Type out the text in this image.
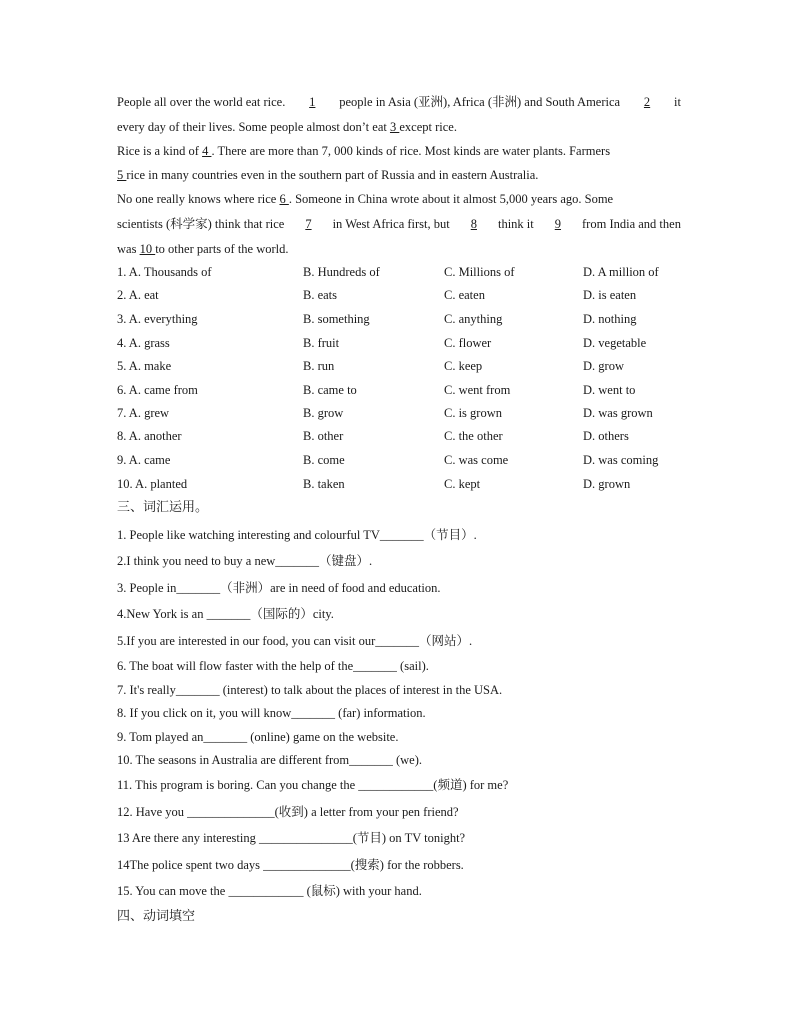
People all over the world eat rice. 1 people in Asia (亚洲), Africa (非洲) and South America 2 it
every day of their lives. Some people almost don’t eat 3 except rice.
Rice is a kind of 4 . There are more than 7, 000 kinds of rice. Most kinds are water plants. Farmers
5 rice in many countries even in the southern part of Russia and in eastern Australia.
No one really knows where rice 6 . Someone in China wrote about it almost 5,000 years ago. Some
scientists (科学家) think that rice 7 in West Africa first, but 8 think it 9 from India and then
was 10 to other parts of the world.
1. A. Thousands of	B. Hundreds of	C. Millions of	D. A million of
2. A. eat	B. eats	C. eaten	D. is eaten
3. A. everything	B. something	C. anything	D. nothing
4. A. grass	B. fruit	C. flower	D. vegetable
5. A. make	B. run	C. keep	D. grow
6. A. came from	B. came to	C. went from	D. went to
7. A. grew	B. grow	C. is grown	D. was grown
8. A. another	B. other	C. the other	D. others
9. A. came	B. come	C. was come	D. was coming
10. A. planted	B. taken	C. kept	D. grown
三、词汇运用。
1. People like watching interesting and colourful TV_______（节目）.
2.I think you need to buy a new_______（键盘）.
3. People in_______（非洲）are in need of food and education.
4.New York is an _______（国际的）city.
5.If you are interested in our food, you can visit our_______（网站）.
6. The boat will flow faster with the help of the_______ (sail).
7. It's really_______ (interest) to talk about the places of interest in the USA.
8. If you click on it, you will know_______ (far) information.
9. Tom played an_______ (online) game on the website.
10. The seasons in Australia are different from_______ (we).
11. This program is boring. Can you change the ____________(频道) for me?
12. Have you ______________(收到) a letter from your pen friend?
13 Are there any interesting _______________(节目) on TV tonight?
14The police spent two days ______________(搜索) for the robbers.
15. You can move the ____________ (鼠标) with your hand.
四、动词填空
